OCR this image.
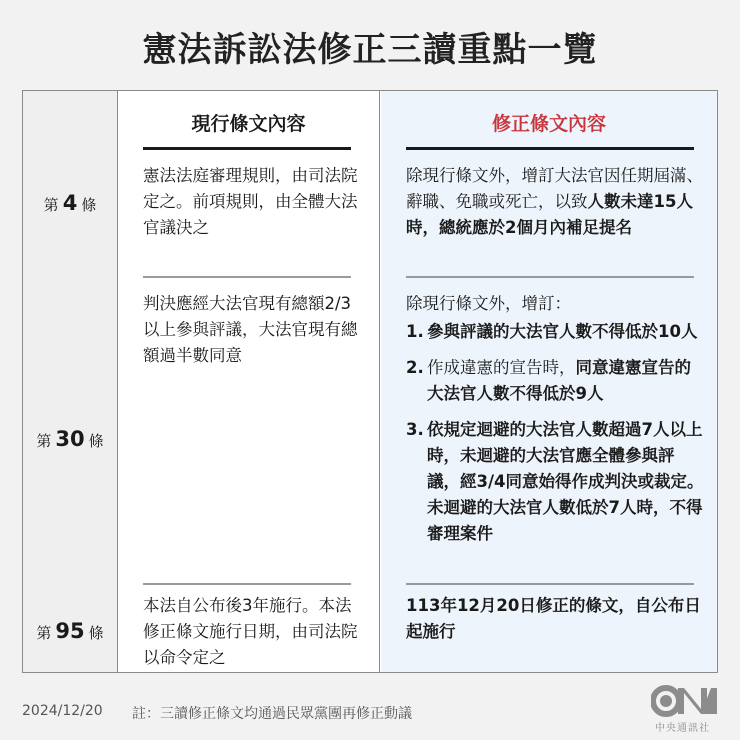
憲法訴訟法修正三讀重點一覽
第 4 條
第 30 條
第 95 條
現行條文內容
憲法法庭審理規則，由司法院定之。前項規則，由全體大法官議決之
判決應經大法官現有總額2/3以上參與評議，大法官現有總額過半數同意
本法自公布後3年施行。本法修正條文施行日期，由司法院以命令定之
修正條文內容
除現行條文外，增訂大法官因任期屆滿、辭職、免職或死亡，以致人數未達15人時，總統應於2個月內補足提名
除現行條文外，增訂：
1. 參與評議的大法官人數不得低於10人
2. 作成違憲的宣告時，同意違憲宣告的大法官人數不得低於9人
3. 依規定迴避的大法官人數超過7人以上時，未迴避的大法官應全體參與評議，經3/4同意始得作成判決或裁定。未迴避的大法官人數低於7人時，不得審理案件
113年12月20日修正的條文，自公布日起施行
2024/12/20 註：三讀修正條文均通過民眾黨團再修正動議
中央通訊社
